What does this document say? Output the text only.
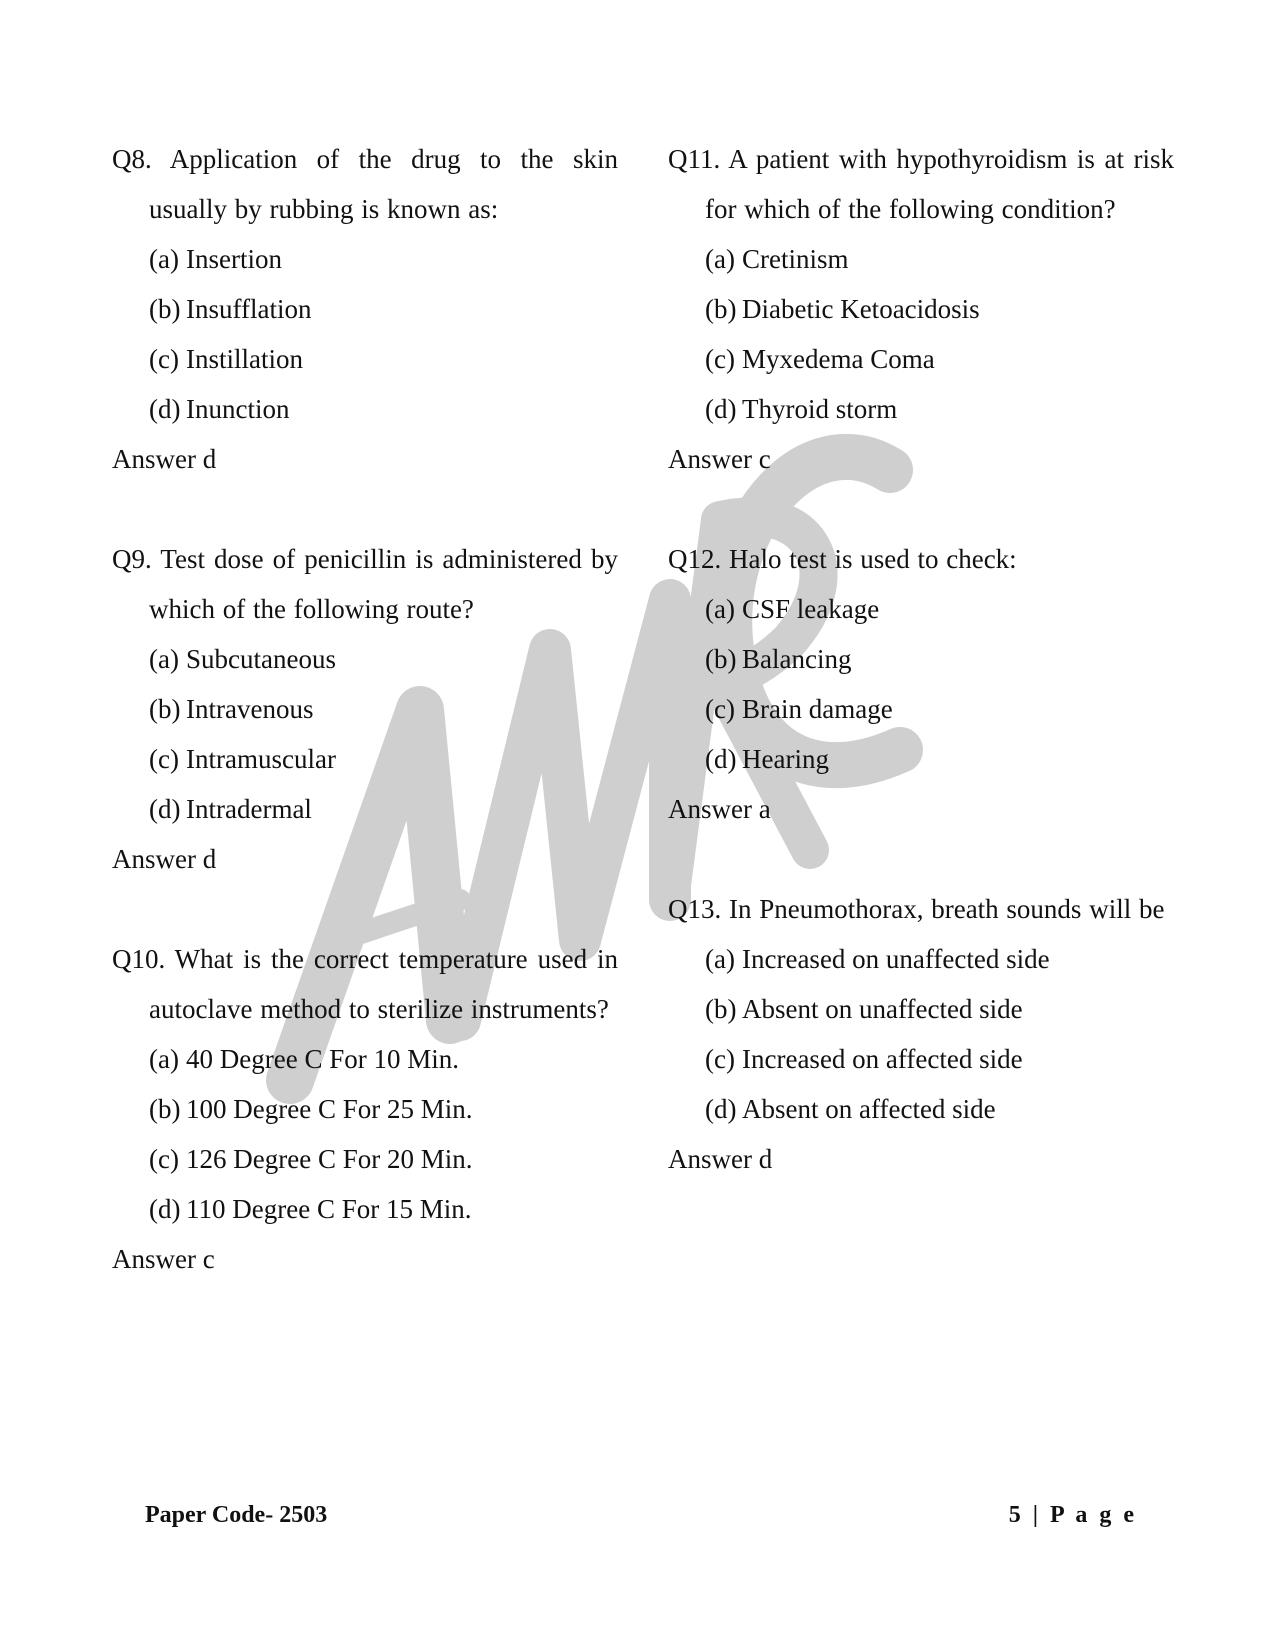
Q8. Application of the drug to the skin usually by rubbing is known as:
(a) Insertion
(b) Insufflation
(c) Instillation
(d) Inunction
Answer d
Q9. Test dose of penicillin is administered by which of the following route?
(a) Subcutaneous
(b) Intravenous
(c) Intramuscular
(d) Intradermal
Answer d
Q10. What is the correct temperature used in autoclave method to sterilize instruments?
(a) 40 Degree C For 10 Min.
(b) 100 Degree C For 25 Min.
(c) 126 Degree C For 20 Min.
(d) 110 Degree C For 15 Min.
Answer c
Q11. A patient with hypothyroidism is at risk for which of the following condition?
(a) Cretinism
(b) Diabetic Ketoacidosis
(c) Myxedema Coma
(d) Thyroid storm
Answer c
Q12. Halo test is used to check:
(a) CSF leakage
(b) Balancing
(c) Brain damage
(d) Hearing
Answer a
Q13. In Pneumothorax, breath sounds will be
(a) Increased on unaffected side
(b) Absent on unaffected side
(c) Increased on affected side
(d) Absent on affected side
Answer d
Paper Code- 2503	5 | P a g e
